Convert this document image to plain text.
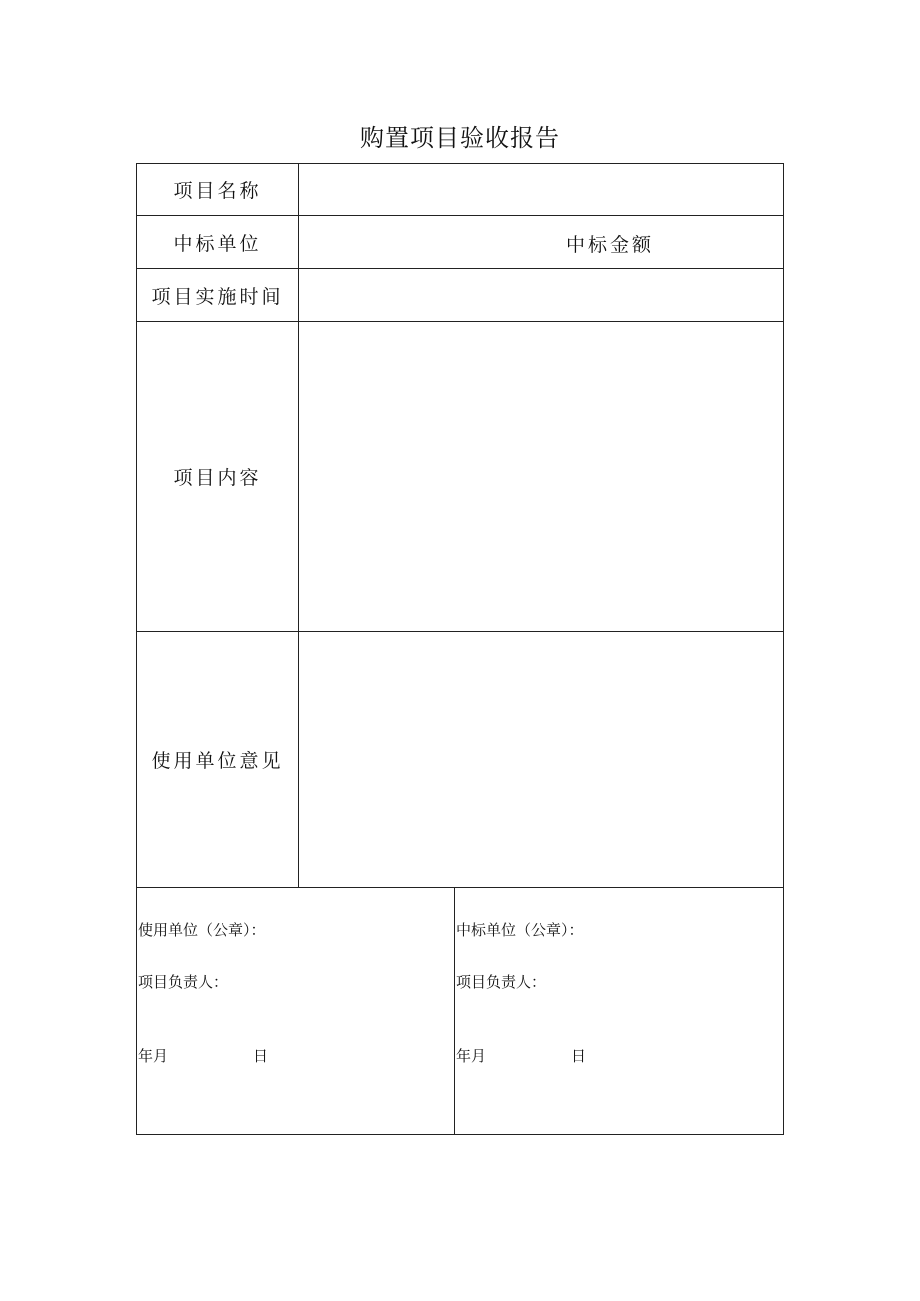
购置项目验收报告
项目名称
中标单位	中标金额
项目实施时间
项目内容
使用单位意见
使用单位（公章）：
项目负责人：
年月	日
中标单位（公章）：
项目负责人：
年月	日
